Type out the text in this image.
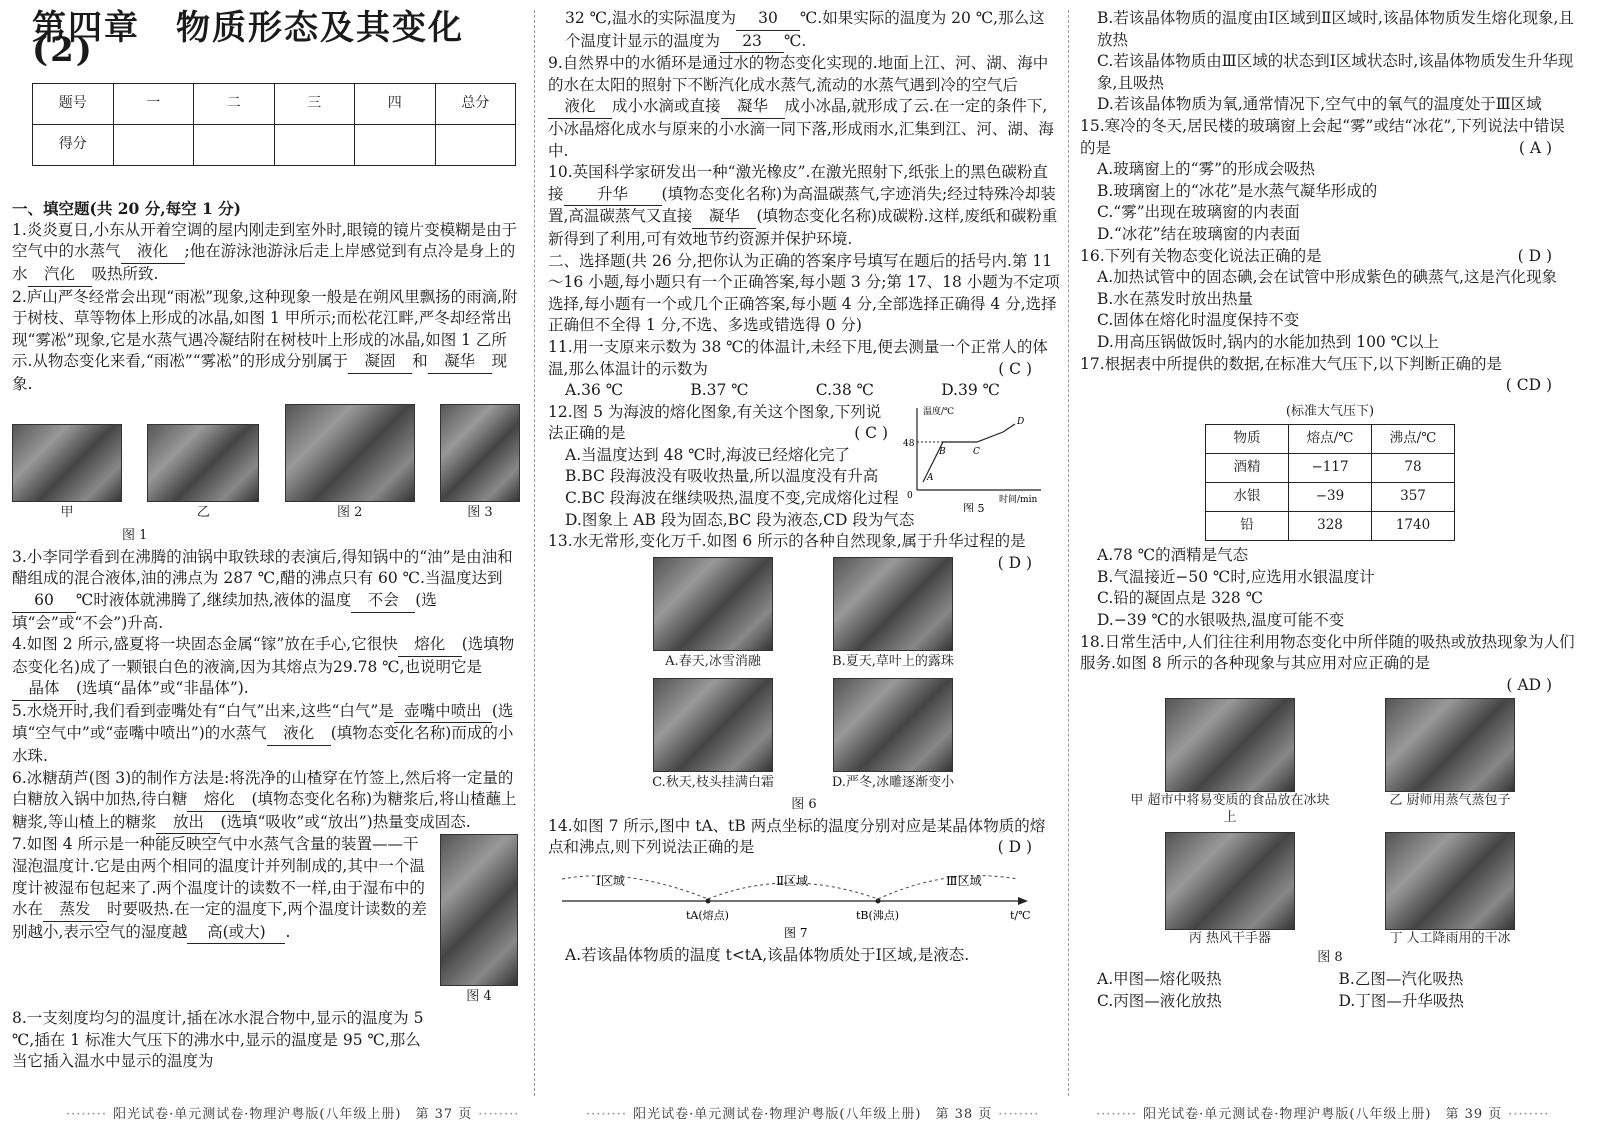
第四章　物质形态及其变化(2)
题号	一	二	三	四	总分
得分					

一、填空题(共 20 分,每空 1 分)

1.炎炎夏日,小东从开着空调的屋内刚走到室外时,眼镜的镜片变模糊是由于空气中的水蒸气 液化 ;他在游泳池游泳后走上岸感觉到有点冷是身上的水 汽化 吸热所致.

2.庐山严冬经常会出现“雨凇”现象,这种现象一般是在朔风里飘扬的雨滴,附于树枝、草等物体上形成的冰晶,如图 1 甲所示;而松花江畔,严冬却经常出现“雾凇”现象,它是水蒸气遇冷凝结附在树枝叶上形成的冰晶,如图 1 乙所示.从物态变化来看,“雨凇”“雾凇”的形成分别属于 凝固 和 凝华 现象.

甲	乙	图 2	图 3

图 1

3.小李同学看到在沸腾的油锅中取铁球的表演后,得知锅中的“油”是由油和醋组成的混合液体,油的沸点为 287 ℃,醋的沸点只有 60 ℃.当温度达到60 ℃时液体就沸腾了,继续加热,液体的温度 不会 (选填“会”或“不会”)升高.

4.如图 2 所示,盛夏将一块固态金属“镓”放在手心,它很快 熔化 (选填物态变化名)成了一颗银白色的液滴,因为其熔点为29.78 ℃,也说明它是晶体 (选填“晶体”或“非晶体”).

5.水烧开时,我们看到壶嘴处有“白气”出来,这些“白气”是 壶嘴中喷出 (选填“空气中”或“壶嘴中喷出”)的水蒸气 液化 (填物态变化名称)而成的小水珠.

6.冰糖葫芦(图 3)的制作方法是:将洗净的山楂穿在竹签上,然后将一定量的白糖放入锅中加热,待白糖 熔化 (填物态变化名称)为糖浆后,将山楂蘸上糖浆,等山楂上的糖浆 放出 (选填“吸收”或“放出”)热量变成固态.

7.如图 4 所示是一种能反映空气中水蒸气含量的装置——干湿泡温度计.它是由两个相同的温度计并列制成的,其中一个温度计被湿布包起来了.两个温度计的读数不一样,由于湿布中的水在 蒸发 时要吸热.在一定的温度下,两个温度计读数的差别越小,表示空气的湿度越 高(或大) .

图 4

8.一支刻度均匀的温度计,插在冰水混合物中,显示的温度为 5 ℃,插在 1 标准大气压下的沸水中,显示的温度是 95 ℃,那么当它插入温水中显示的温度为

32 ℃,温水的实际温度为 30 ℃.如果实际的温度为 20 ℃,那么这个温度计显示的温度为 23 ℃.

9.自然界中的水循环是通过水的物态变化实现的.地面上江、河、湖、海中的水在太阳的照射下不断汽化成水蒸气,流动的水蒸气遇到冷的空气后液化 成小水滴或直接 凝华 成小冰晶,就形成了云.在一定的条件下,小冰晶熔化成水与原来的小水滴一同下落,形成雨水,汇集到江、河、湖、海中.

10.英国科学家研发出一种“激光橡皮”.在激光照射下,纸张上的黑色碳粉直接 升华 (填物态变化名称)为高温碳蒸气,字迹消失;经过特殊冷却装置,高温碳蒸气又直接 凝华 (填物态变化名称)成碳粉.这样,废纸和碳粉重新得到了利用,可有效地节约资源并保护环境.

二、选择题(共 26 分,把你认为正确的答案序号填写在题后的括号内.第 11～16 小题,每小题只有一个正确答案,每小题 3 分;第 17、18 小题为不定项选择,每小题有一个或几个正确答案,每小题 4 分,全部选择正确得 4 分,选择正确但不全得 1 分,不选、多选或错选得 0 分)

11.用一支原来示数为 38 ℃的体温计,未经下甩,便去测量一个正常人的体温,那么体温计的示数为	( C )

A.36 ℃	B.37 ℃	C.38 ℃	D.39 ℃

12.图 5 为海波的熔化图象,有关这个图象,下列说法正确的是	( C )

A.当温度达到 48 ℃时,海波已经熔化完了

B.BC 段海波没有吸收热量,所以温度没有升高

C.BC 段海波在继续吸热,温度不变,完成熔化过程

D.图象上 AB 段为固态,BC 段为液态,CD 段为气态

温度/℃
48
0
A
B	C
D
时间/min
图 5

13.水无常形,变化万千.如图 6 所示的各种自然现象,属于升华过程的是
( D )

A.春天,冰雪消融	B.夏天,草叶上的露珠
C.秋天,枝头挂满白霜	D.严冬,冰雕逐渐变小

图 6

14.如图 7 所示,图中 tA、tB 两点坐标的温度分别对应是某晶体物质的熔点和沸点,则下列说法正确的是	( D )

Ⅰ区域	Ⅱ区域	Ⅲ区域
tA(熔点)	tB(沸点)	t/℃
图 7

A.若该晶体物质的温度 t<tA,该晶体物质处于Ⅰ区域,是液态.

B.若该晶体物质的温度由Ⅰ区域到Ⅱ区域时,该晶体物质发生熔化现象,且放热

C.若该晶体物质由Ⅲ区域的状态到Ⅰ区域状态时,该晶体物质发生升华现象,且吸热

D.若该晶体物质为氧,通常情况下,空气中的氧气的温度处于Ⅲ区域

15.寒冷的冬天,居民楼的玻璃窗上会起“雾”或结“冰花”,下列说法中错误的是	( A )

A.玻璃窗上的“雾”的形成会吸热

B.玻璃窗上的“冰花”是水蒸气凝华形成的

C.“雾”出现在玻璃窗的内表面

D.“冰花”结在玻璃窗的内表面

16.下列有关物态变化说法正确的是	( D )

A.加热试管中的固态碘,会在试管中形成紫色的碘蒸气,这是汽化现象

B.水在蒸发时放出热量

C.固体在熔化时温度保持不变

D.用高压锅做饭时,锅内的水能加热到 100 ℃以上

17.根据表中所提供的数据,在标准大气压下,以下判断正确的是

( CD )

(标准大气压下)

物质	熔点/℃	沸点/℃
酒精	−117	78
水银	−39	357
铅	328	1740

A.78 ℃的酒精是气态

B.气温接近−50 ℃时,应选用水银温度计

C.铅的凝固点是 328 ℃

D.−39 ℃的水银吸热,温度可能不变

18.日常生活中,人们往往利用物态变化中所伴随的吸热或放热现象为人们服务.如图 8 所示的各种现象与其应用对应正确的是

( AD )

甲 超市中将易变质的食品放在冰块上
乙 厨师用蒸气蒸包子
丙 热风干手器	丁 人工降雨用的干冰

图 8

A.甲图—熔化吸热	B.乙图—汽化吸热
C.丙图—液化放热	D.丁图—升华吸热
········ 阳光试卷·单元测试卷·物理沪粤版(八年级上册)　第 37 页 ········	········ 阳光试卷·单元测试卷·物理沪粤版(八年级上册)　第 38 页 ········	········ 阳光试卷·单元测试卷·物理沪粤版(八年级上册)　第 39 页 ········
